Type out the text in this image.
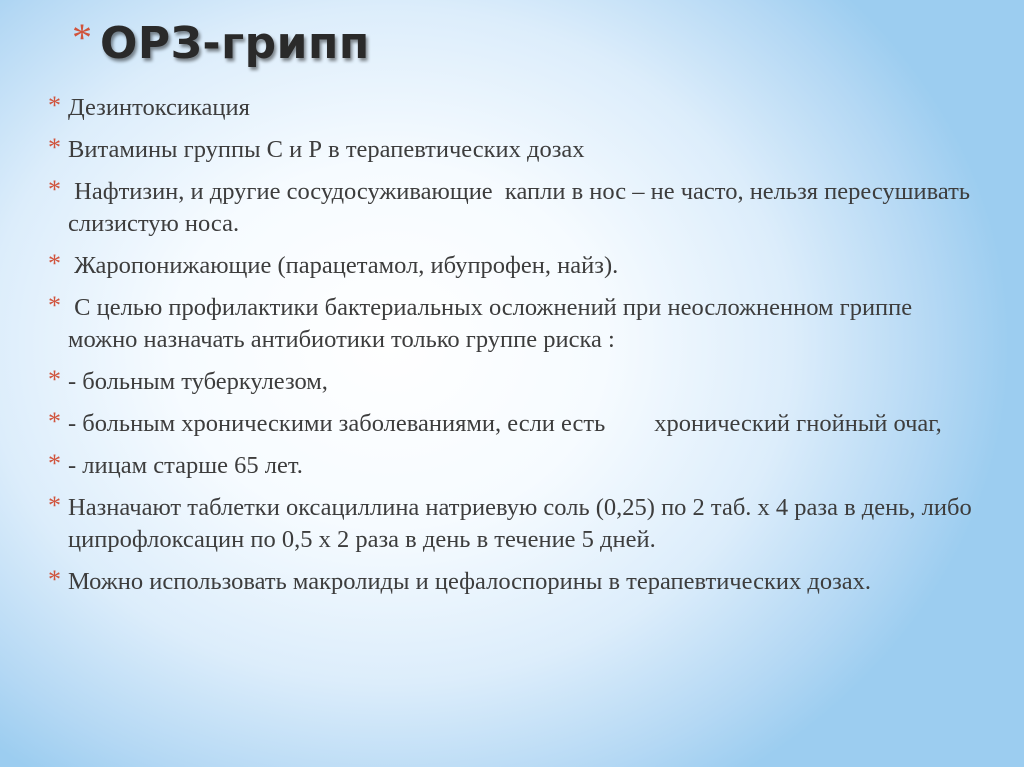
* ОРЗ-грипп
* Дезинтоксикация
* Витамины группы С и Р в терапевтических дозах
* Нафтизин, и другие сосудосуживающие  капли в нос – не часто, нельзя пересушивать слизистую носа.
* Жаропонижающие (парацетамол, ибупрофен, найз).
* С целью профилактики бактериальных осложнений при неосложненном гриппе можно назначать антибиотики только группе риска :
* - больным туберкулезом,
* - больным хроническими заболеваниями, если есть        хронический гнойный очаг,
* - лицам старше 65 лет.
* Назначают таблетки оксациллина натриевую соль (0,25) по 2 таб. х 4 раза в день, либо ципрофлоксацин по 0,5 х 2 раза в день в течение 5 дней.
* Можно использовать макролиды и цефалоспорины в терапевтических дозах.
